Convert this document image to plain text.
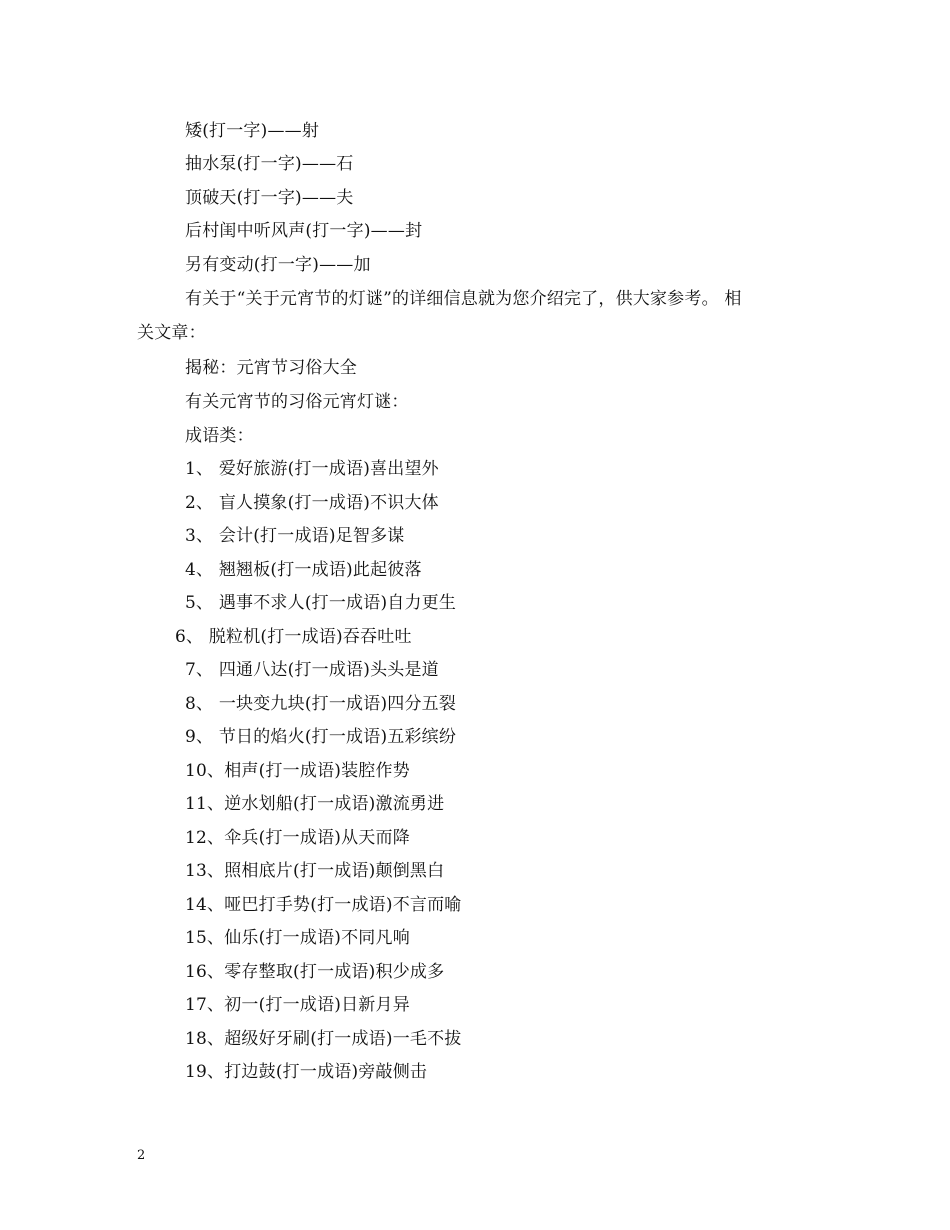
矮(打一字)——射
抽水泵(打一字)——石
顶破天(打一字)——夫
后村闺中听风声(打一字)——封
另有变动(打一字)——加
有关于“关于元宵节的灯谜”的详细信息就为您介绍完了，供大家参考。 相
关文章：
揭秘：元宵节习俗大全
有关元宵节的习俗元宵灯谜：
成语类：
1、 爱好旅游(打一成语)喜出望外
2、 盲人摸象(打一成语)不识大体
3、 会计(打一成语)足智多谋
4、 翘翘板(打一成语)此起彼落
5、 遇事不求人(打一成语)自力更生
6、 脱粒机(打一成语)吞吞吐吐
7、 四通八达(打一成语)头头是道
8、 一块变九块(打一成语)四分五裂
9、 节日的焰火(打一成语)五彩缤纷
10、相声(打一成语)装腔作势
11、逆水划船(打一成语)激流勇进
12、伞兵(打一成语)从天而降
13、照相底片(打一成语)颠倒黑白
14、哑巴打手势(打一成语)不言而喻
15、仙乐(打一成语)不同凡响
16、零存整取(打一成语)积少成多
17、初一(打一成语)日新月异
18、超级好牙刷(打一成语)一毛不拔
19、打边鼓(打一成语)旁敲侧击
2
